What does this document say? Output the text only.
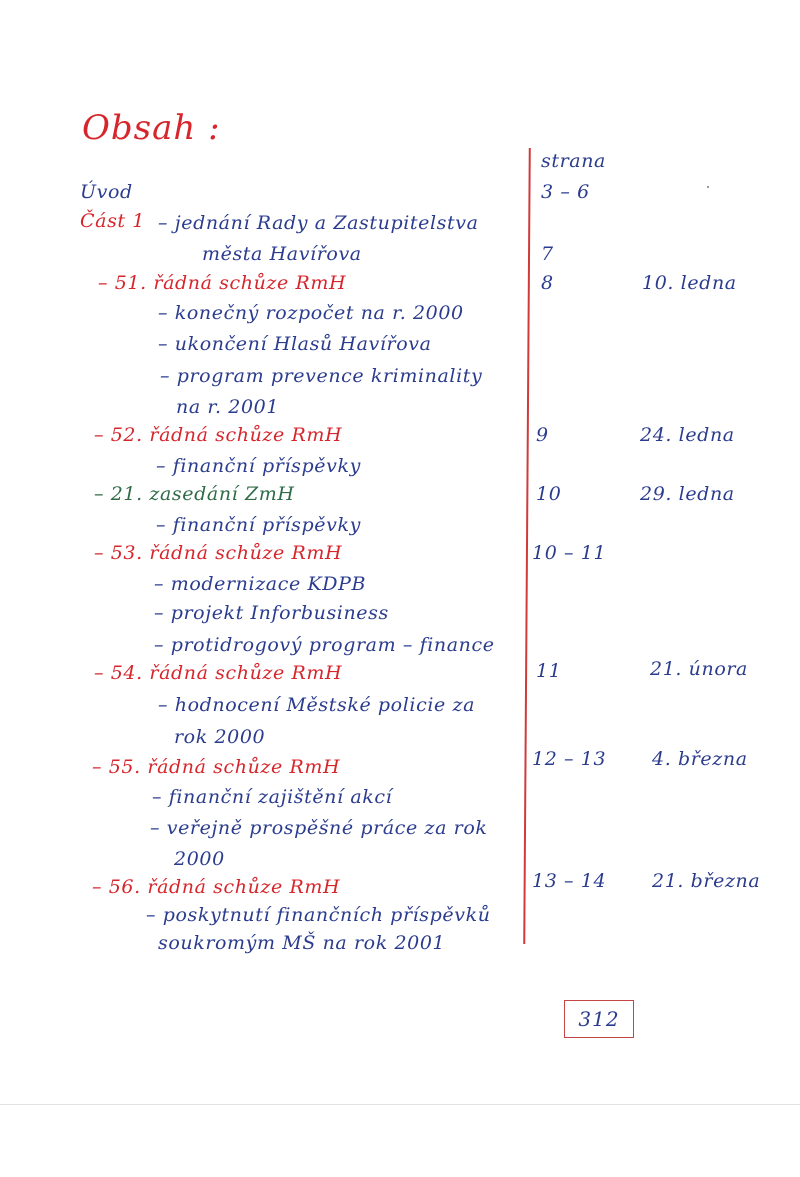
Obsah :
strana
Úvod	3 – 6
Část 1 – jednání Rady a Zastupitelstva
města Havířova	7
– 51. řádná schůze RmH	8	10. ledna
– konečný rozpočet na r. 2000
– ukončení Hlasů Havířova
– program prevence kriminality
na r. 2001
– 52. řádná schůze RmH	9	24. ledna
– finanční příspěvky
– 21. zasedání ZmH	10	29. ledna
– finanční příspěvky
– 53. řádná schůze RmH	10 – 11
– modernizace KDPB
– projekt Inforbusiness
– protidrogový program – finance
– 54. řádná schůze RmH	11	21. února
– hodnocení Městské policie za
rok 2000
– 55. řádná schůze RmH	12 – 13 4. března
– finanční zajištění akcí
– veřejně prospěšné práce za rok
2000
– 56. řádná schůze RmH	13 – 14 21. března
– poskytnutí finančních příspěvků
soukromým MŠ na rok 2001
312
